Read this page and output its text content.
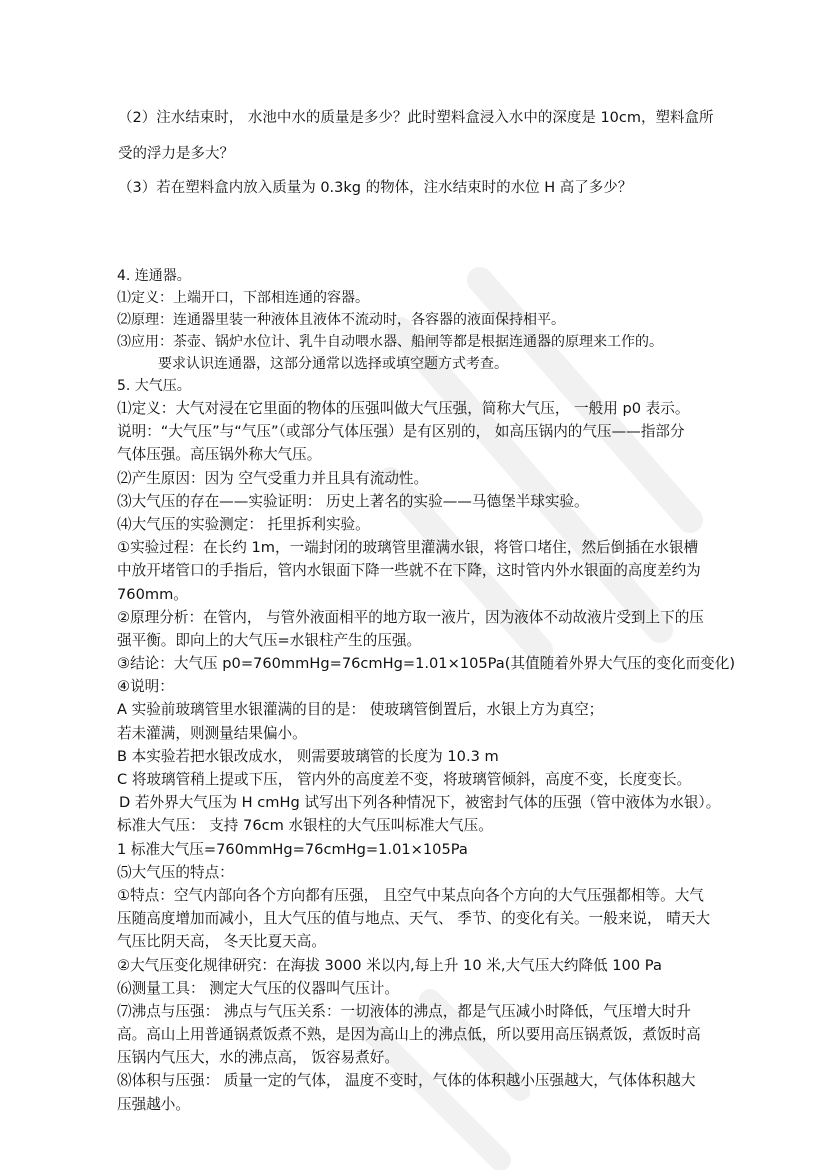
（2）注水结束时， 水池中水的质量是多少？此时塑料盒浸入水中的深度是 10cm，塑料盒所

受的浮力是多大？

（3）若在塑料盒内放入质量为 0.3kg 的物体，注水结束时的水位 H 高了多少？

4. 连通器。

⑴定义：上端开口，下部相连通的容器。

⑵原理：连通器里装一种液体且液体不流动时，各容器的液面保持相平。

⑶应用：茶壶、锅炉水位计、乳牛自动喂水器、船闸等都是根据连通器的原理来工作的。

要求认识连通器，这部分通常以选择或填空题方式考查。

5. 大气压。

⑴定义：大气对浸在它里面的物体的压强叫做大气压强，简称大气压， 一般用 p0 表示。

说明：“大气压”与“气压”（或部分气体压强）是有区别的， 如高压锅内的气压——指部分

气体压强。高压锅外称大气压。

⑵产生原因：因为 空气受重力并且具有流动性。

⑶大气压的存在——实验证明： 历史上著名的实验——马德堡半球实验。

⑷大气压的实验测定： 托里拆利实验。

①实验过程：在长约 1m，一端封闭的玻璃管里灌满水银，将管口堵住，然后倒插在水银槽

中放开堵管口的手指后，管内水银面下降一些就不在下降，这时管内外水银面的高度差约为

760mm。

②原理分析：在管内， 与管外液面相平的地方取一液片，因为液体不动故液片受到上下的压

强平衡。即向上的大气压=水银柱产生的压强。

③结论：大气压 p0=760mmHg=76cmHg=1.01×105Pa(其值随着外界大气压的变化而变化)

④说明：

A 实验前玻璃管里水银灌满的目的是： 使玻璃管倒置后，水银上方为真空；

若未灌满，则测量结果偏小。

B 本实验若把水银改成水， 则需要玻璃管的长度为 10.3 m

C 将玻璃管稍上提或下压， 管内外的高度差不变，将玻璃管倾斜，高度不变，长度变长。

D 若外界大气压为 H cmHg 试写出下列各种情况下，被密封气体的压强（管中液体为水银）。

标准大气压： 支持 76cm 水银柱的大气压叫标准大气压。

1 标准大气压=760mmHg=76cmHg=1.01×105Pa

⑸大气压的特点：

①特点：空气内部向各个方向都有压强， 且空气中某点向各个方向的大气压强都相等。大气

压随高度增加而减小，且大气压的值与地点、天气、 季节、的变化有关。一般来说， 晴天大

气压比阴天高， 冬天比夏天高。

②大气压变化规律研究：在海拔 3000 米以内,每上升 10 米,大气压大约降低 100 Pa

⑹测量工具： 测定大气压的仪器叫气压计。

⑺沸点与压强： 沸点与气压关系：一切液体的沸点，都是气压减小时降低，气压增大时升

高。高山上用普通锅煮饭煮不熟，是因为高山上的沸点低，所以要用高压锅煮饭，煮饭时高

压锅内气压大，水的沸点高， 饭容易煮好。

⑻体积与压强： 质量一定的气体， 温度不变时，气体的体积越小压强越大，气体体积越大

压强越小。
